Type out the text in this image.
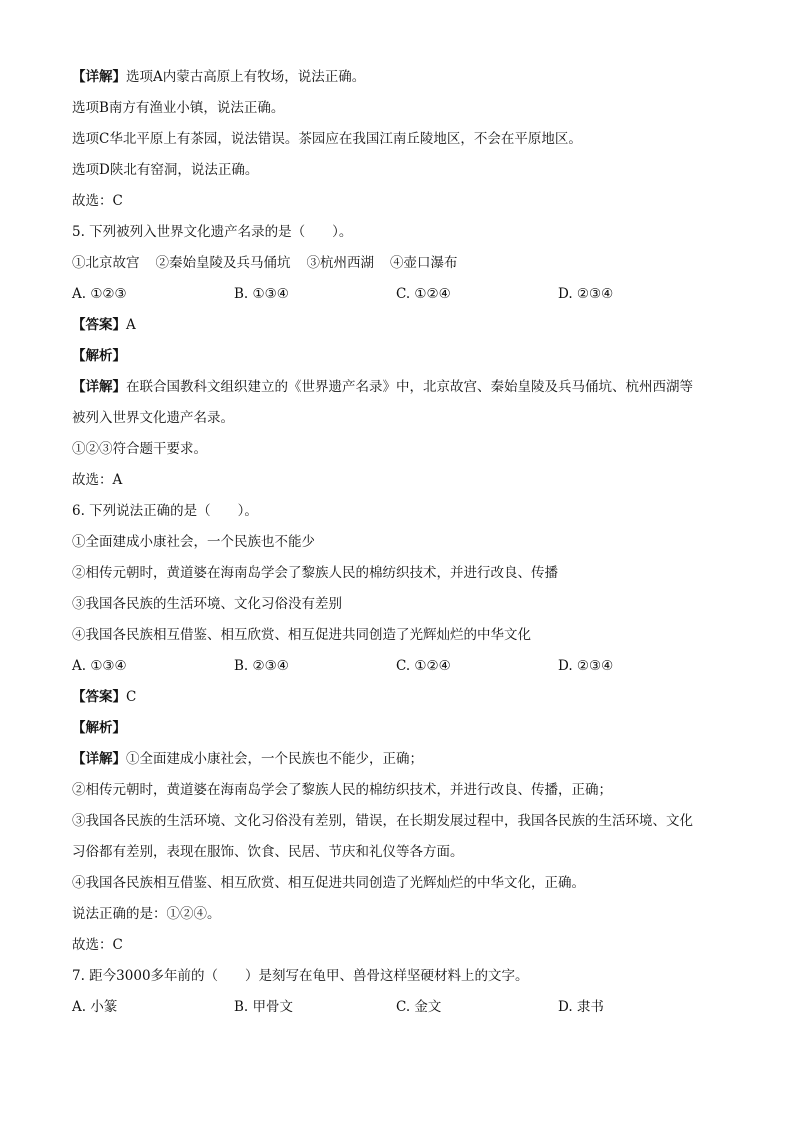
【详解】选项A内蒙古高原上有牧场，说法正确。
选项B南方有渔业小镇，说法正确。
选项C华北平原上有茶园，说法错误。茶园应在我国江南丘陵地区，不会在平原地区。
选项D陕北有窑洞，说法正确。
故选：C
5. 下列被列入世界文化遗产名录的是（　　）。
①北京故宫 ②秦始皇陵及兵马俑坑 ③杭州西湖 ④壶口瀑布
A. ①②③	B. ①③④	C. ①②④	D. ②③④
【答案】A
【解析】
【详解】在联合国教科文组织建立的《世界遗产名录》中，北京故宫、秦始皇陵及兵马俑坑、杭州西湖等
被列入世界文化遗产名录。
①②③符合题干要求。
故选：A
6. 下列说法正确的是（　　）。
①全面建成小康社会，一个民族也不能少
②相传元朝时，黄道婆在海南岛学会了黎族人民的棉纺织技术，并进行改良、传播
③我国各民族的生活环境、文化习俗没有差别
④我国各民族相互借鉴、相互欣赏、相互促进共同创造了光辉灿烂的中华文化
A. ①③④	B. ②③④	C. ①②④	D. ②③④
【答案】C
【解析】
【详解】①全面建成小康社会，一个民族也不能少，正确；
②相传元朝时，黄道婆在海南岛学会了黎族人民的棉纺织技术，并进行改良、传播，正确；
③我国各民族的生活环境、文化习俗没有差别，错误，在长期发展过程中，我国各民族的生活环境、文化
习俗都有差别，表现在服饰、饮食、民居、节庆和礼仪等各方面。
④我国各民族相互借鉴、相互欣赏、相互促进共同创造了光辉灿烂的中华文化，正确。
说法正确的是：①②④。
故选：C
7. 距今3000多年前的（　　）是刻写在龟甲、兽骨这样坚硬材料上的文字。
A. 小篆	B. 甲骨文	C. 金文	D. 隶书
